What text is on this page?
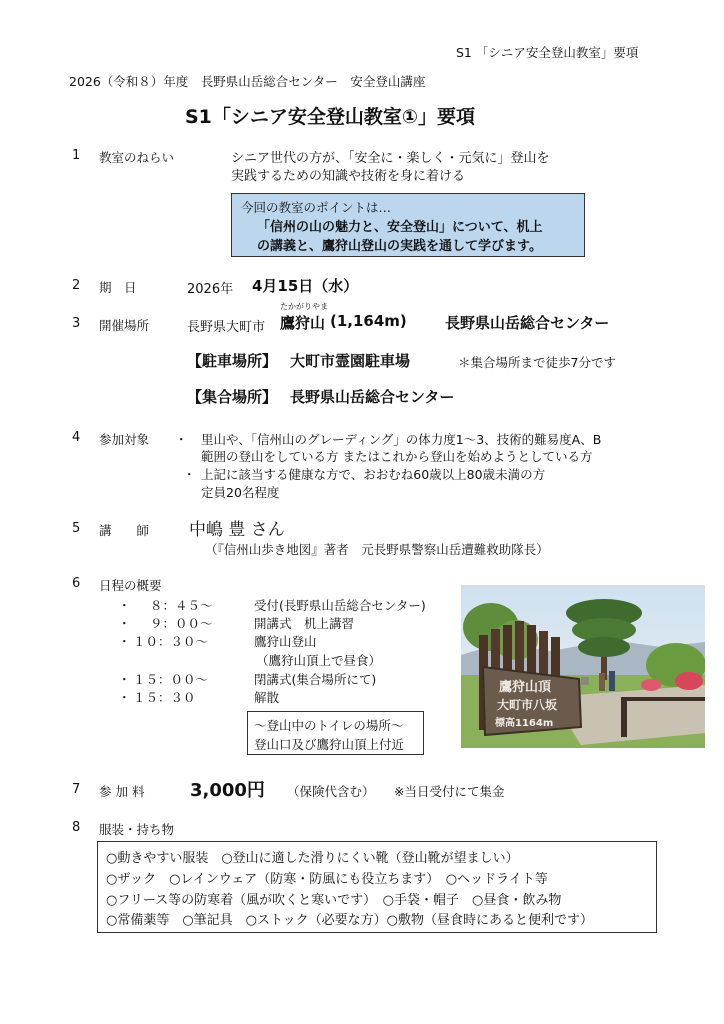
S1 「シニア安全登山教室」要項
2026（令和８）年度　長野県山岳総合センター　安全登山講座
S1「シニア安全登山教室①」要項
1 教室のねらい	シニア世代の方が、「安全に・楽しく・元気に」登山を
実践するための知識や技術を身に着ける
今回の教室のポイントは…
「信州の山の魅力と、安全登山」について、机上
の講義と、鷹狩山登山の実践を通して学びます。
2 期　日	2026年 4月15日（水）
たかがりやま
3 開催場所	長野県大町市 鷹狩山 (1,164m)	長野県山岳総合センター
【駐車場所】 大町市霊園駐車場	＊集合場所まで徒歩7分です
【集合場所】 長野県山岳総合センター
4 参加対象 ・ 里山や、「信州山のグレーディング」の体力度1～3、技術的難易度A、B
範囲の登山をしている方 またはこれから登山を始めようとしている方
・ 上記に該当する健康な方で、おおむね60歳以上80歳未満の方
定員20名程度
5 講　　師 中嶋 豊 さん
（『信州山歩き地図』著者　元長野県警察山岳遭難救助隊長）
6 日程の概要
・ ８：４５～	受付(長野県山岳総合センター)
・ ９：００～	開講式　机上講習
・ １０：３０～	鷹狩山登山
（鷹狩山頂上で昼食）
・ １５：００～	閉講式(集合場所にて)
・ １５：３０	解散
～登山中のトイレの場所～
登山口及び鷹狩山頂上付近
鷹狩山頂
大町市八坂
標高1164m
7 参 加 料	3,000円 （保険代含む） ※当日受付にて集金
8 服装・持ち物
○動きやすい服装　○登山に適した滑りにくい靴（登山靴が望ましい）
○ザック　○レインウェア（防寒・防風にも役立ちます）　○ヘッドライト等
○フリース等の防寒着（風が吹くと寒いです）　○手袋・帽子　○昼食・飲み物
○常備薬等　○筆記具　○ストック（必要な方）○敷物（昼食時にあると便利です）
